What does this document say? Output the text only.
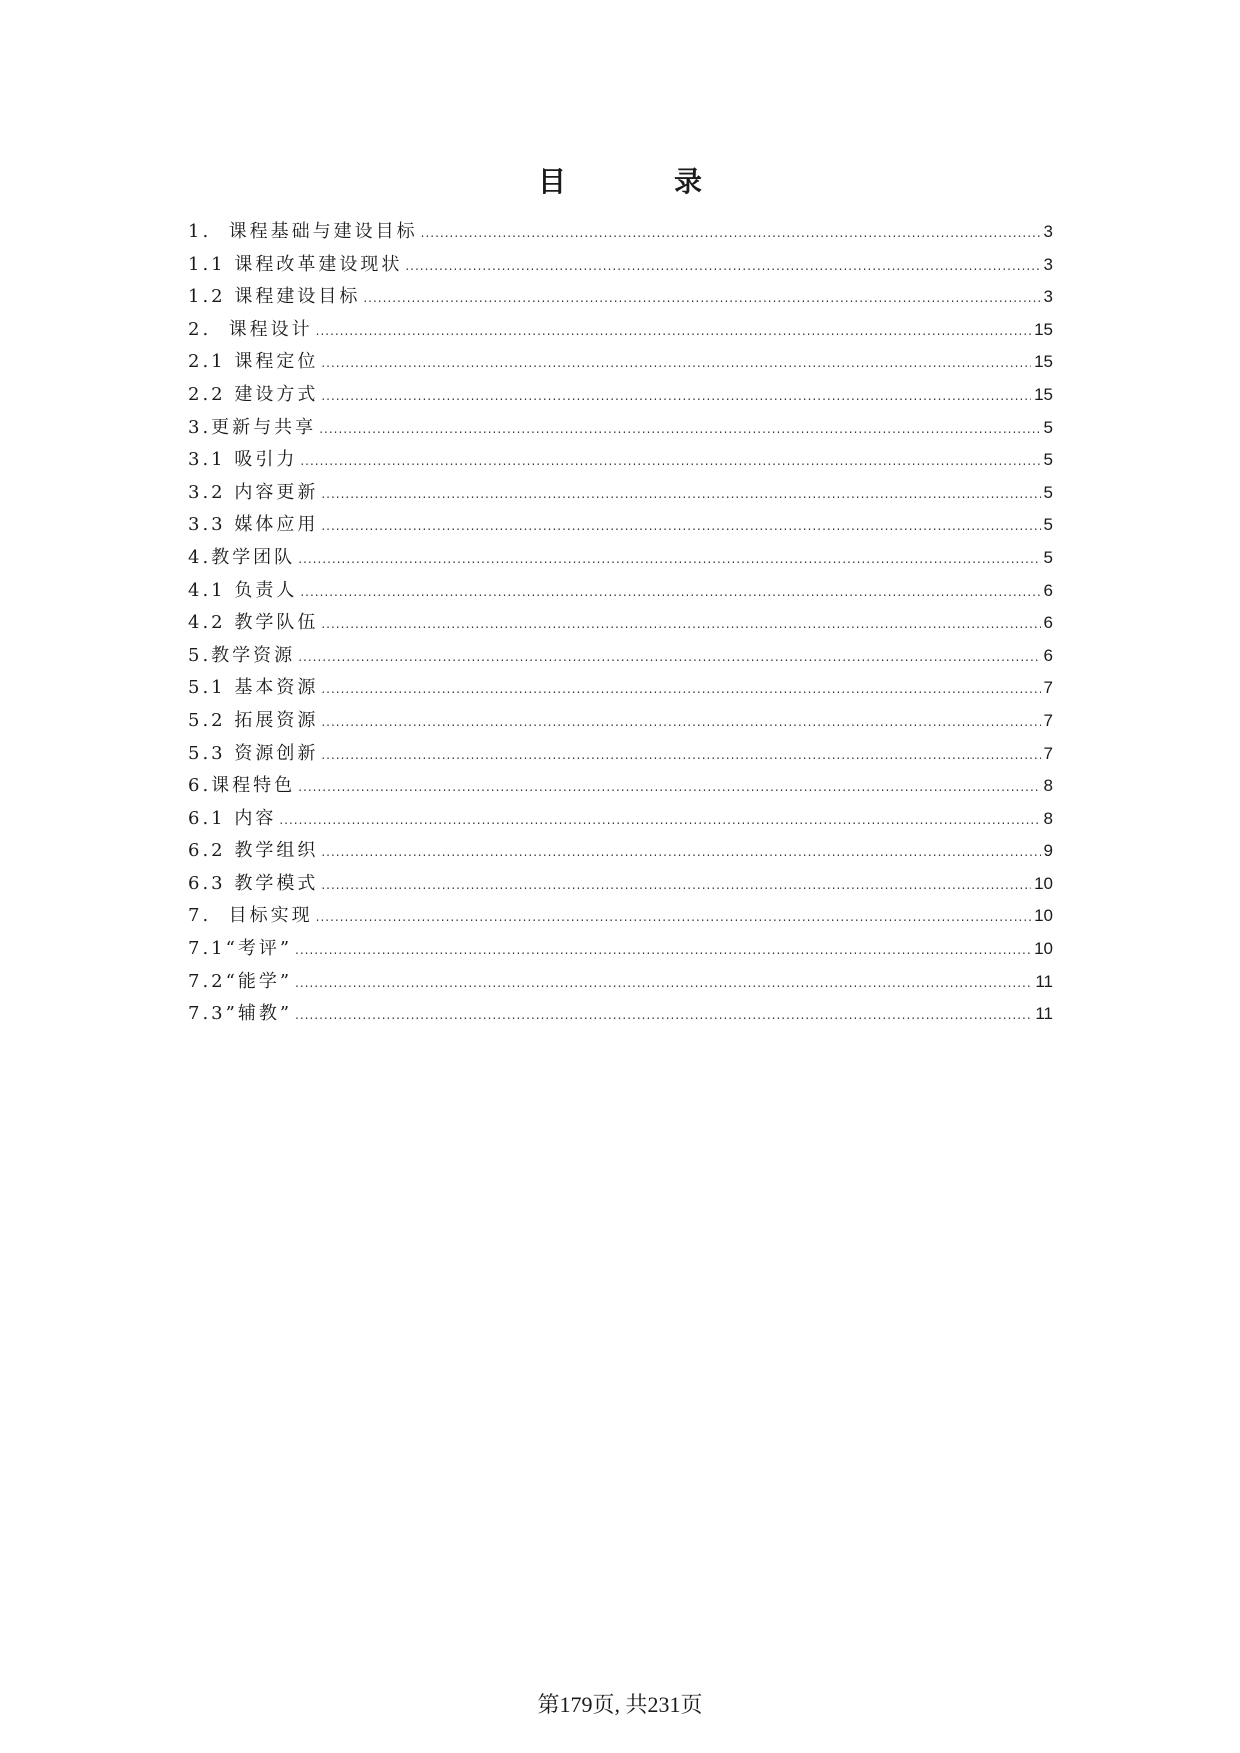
目　录
1.  课程基础与建设目标 .....	3
1.1 课程改革建设现状 .....	3
1.2 课程建设目标 .....	3
2.  课程设计 .....	15
2.1 课程定位 .....	15
2.2 建设方式 .....	15
3.更新与共享 .....	5
3.1 吸引力 .....	5
3.2 内容更新 .....	5
3.3 媒体应用 .....	5
4.教学团队 .....	5
4.1 负责人 .....	6
4.2 教学队伍 .....	6
5.教学资源 .....	6
5.1 基本资源 .....	7
5.2 拓展资源 .....	7
5.3 资源创新 .....	7
6.课程特色 .....	8
6.1 内容 .....	8
6.2 教学组织 .....	9
6.3 教学模式 .....	10
7.  目标实现 .....	10
7.1“考评” .....	10
7.2“能学” .....	11
7.3”辅教” .....	11
第179页, 共231页
